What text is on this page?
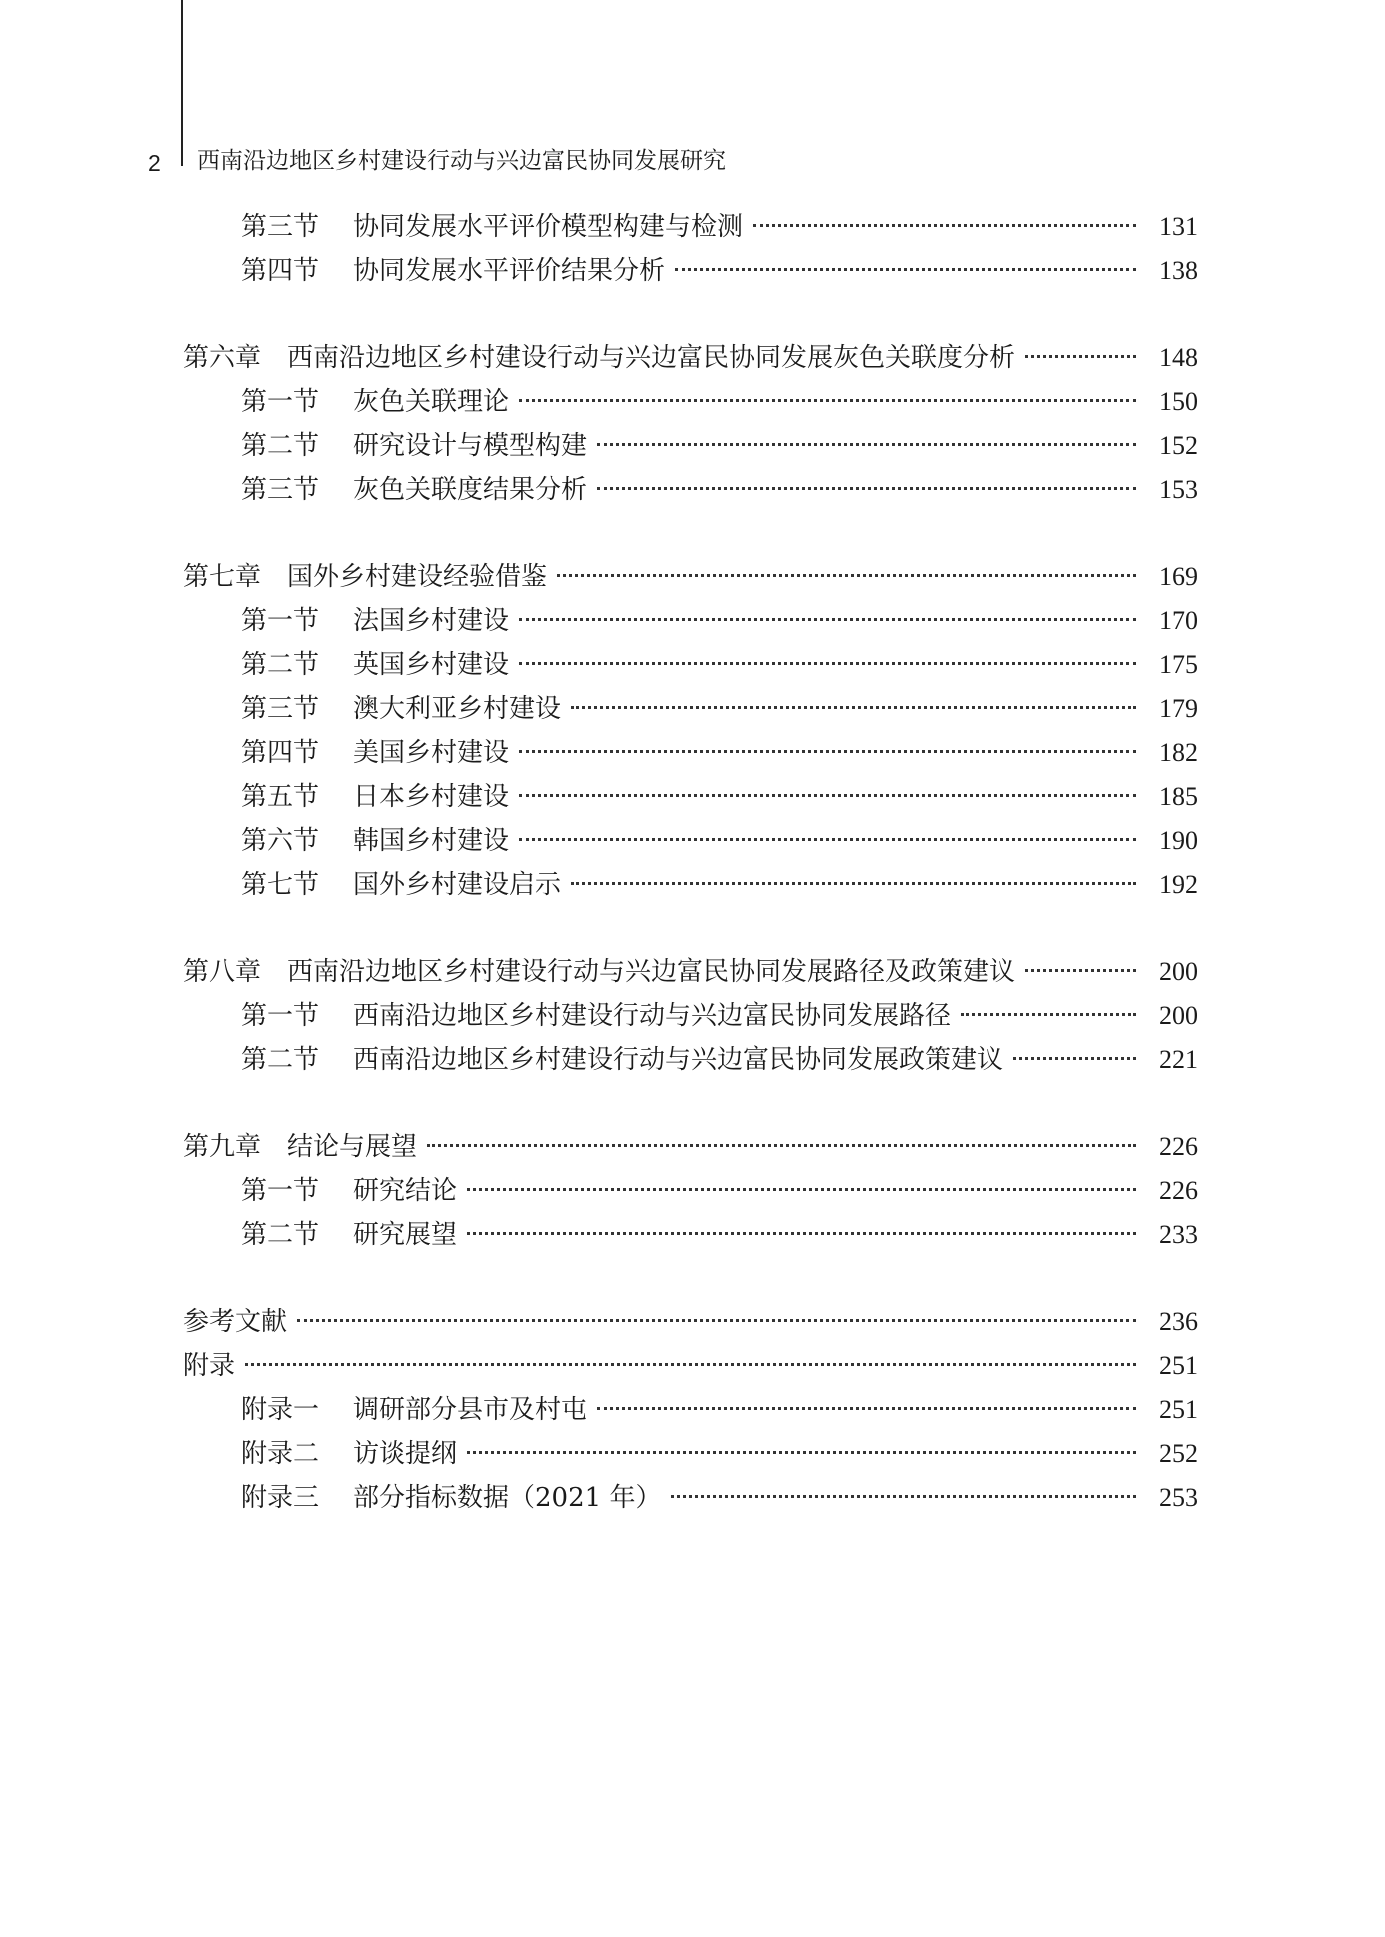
2 西南沿边地区乡村建设行动与兴边富民协同发展研究
第三节 协同发展水平评价模型构建与检测	131
第四节 协同发展水平评价结果分析	138
第六章 西南沿边地区乡村建设行动与兴边富民协同发展灰色关联度分析	148
第一节 灰色关联理论	150
第二节 研究设计与模型构建	152
第三节 灰色关联度结果分析	153
第七章 国外乡村建设经验借鉴	169
第一节 法国乡村建设	170
第二节 英国乡村建设	175
第三节 澳大利亚乡村建设	179
第四节 美国乡村建设	182
第五节 日本乡村建设	185
第六节 韩国乡村建设	190
第七节 国外乡村建设启示	192
第八章 西南沿边地区乡村建设行动与兴边富民协同发展路径及政策建议	200
第一节 西南沿边地区乡村建设行动与兴边富民协同发展路径	200
第二节 西南沿边地区乡村建设行动与兴边富民协同发展政策建议	221
第九章 结论与展望	226
第一节 研究结论	226
第二节 研究展望	233
参考文献	236
附录	251
附录一 调研部分县市及村屯	251
附录二 访谈提纲	252
附录三 部分指标数据（2021 年）	253
